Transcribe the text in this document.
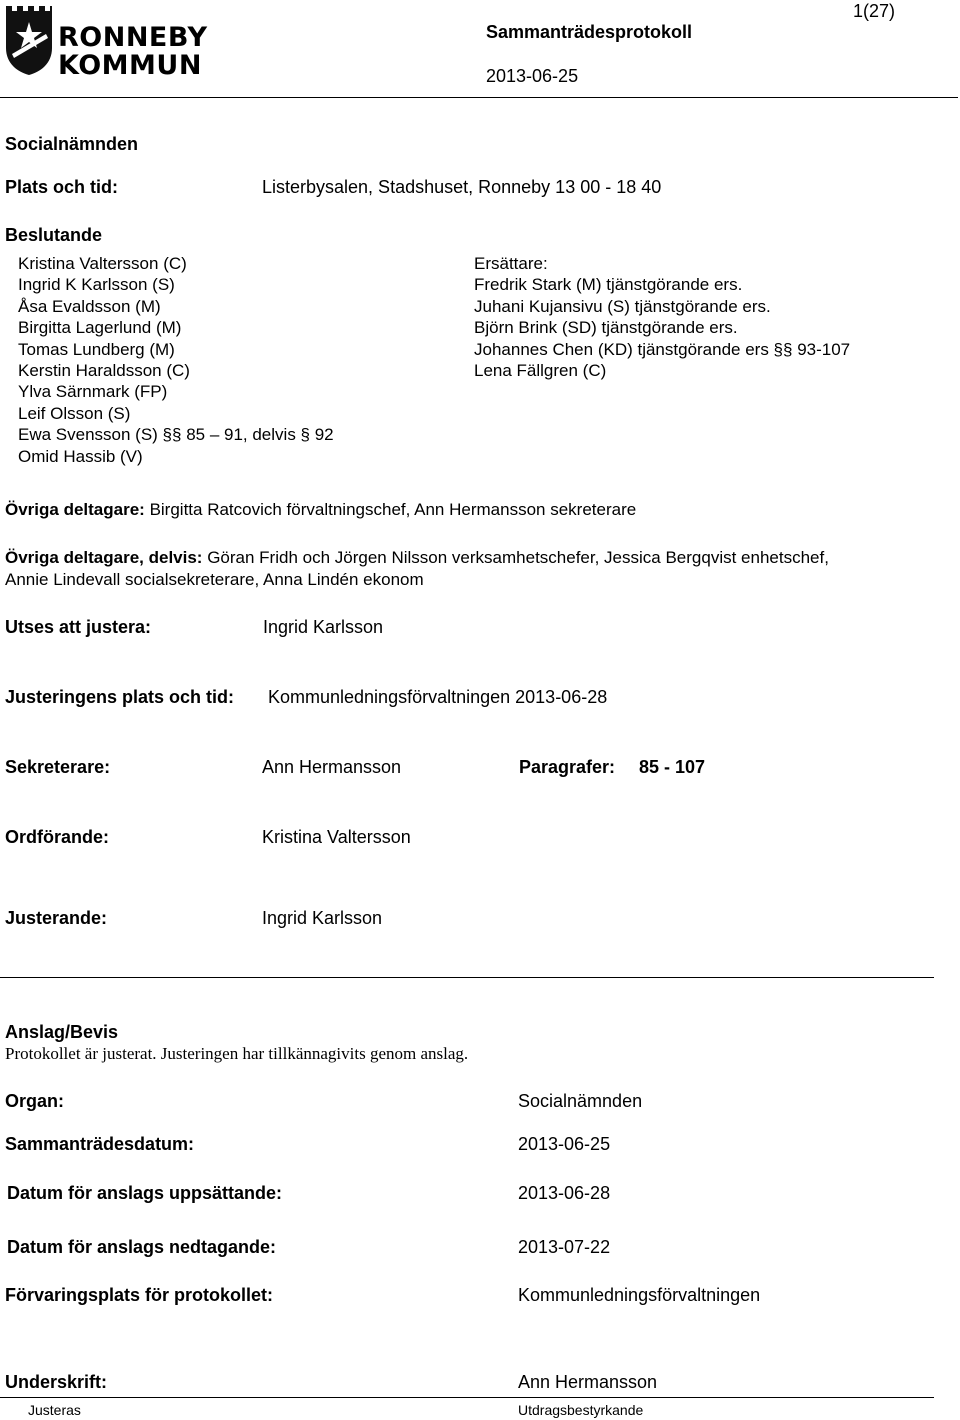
RONNEBY
KOMMUN
1(27)
Sammanträdesprotokoll
2013-06-25
Socialnämnden
Plats och tid:	Listerbysalen, Stadshuset, Ronneby 13 00 - 18 40
Beslutande
Kristina Valtersson (C)
Ingrid K Karlsson (S)
Åsa Evaldsson (M)
Birgitta Lagerlund (M)
Tomas Lundberg (M)
Kerstin Haraldsson (C)
Ylva Särnmark (FP)
Leif Olsson (S)
Ewa Svensson (S) §§ 85 – 91, delvis § 92
Omid Hassib (V)
Ersättare:
Fredrik Stark (M) tjänstgörande ers.
Juhani Kujansivu (S) tjänstgörande ers.
Björn Brink (SD) tjänstgörande ers.
Johannes Chen (KD) tjänstgörande ers §§ 93-107
Lena Fällgren (C)
Övriga deltagare: Birgitta Ratcovich förvaltningschef, Ann Hermansson sekreterare
Övriga deltagare, delvis: Göran Fridh och Jörgen Nilsson verksamhetschefer, Jessica Bergqvist enhetschef,
Annie Lindevall socialsekreterare, Anna Lindén ekonom
Utses att justera:	Ingrid Karlsson
Justeringens plats och tid: Kommunledningsförvaltningen 2013-06-28
Sekreterare:	Ann Hermansson	Paragrafer: 85 - 107
Ordförande:	Kristina Valtersson
Justerande:	Ingrid Karlsson
Anslag/Bevis
Protokollet är justerat. Justeringen har tillkännagivits genom anslag.
Organ:	Socialnämnden
Sammanträdesdatum:	2013-06-25
Datum för anslags uppsättande:	2013-06-28
Datum för anslags nedtagande:	2013-07-22
Förvaringsplats för protokollet:	Kommunledningsförvaltningen
Underskrift:	Ann Hermansson
Justeras	Utdragsbestyrkande
